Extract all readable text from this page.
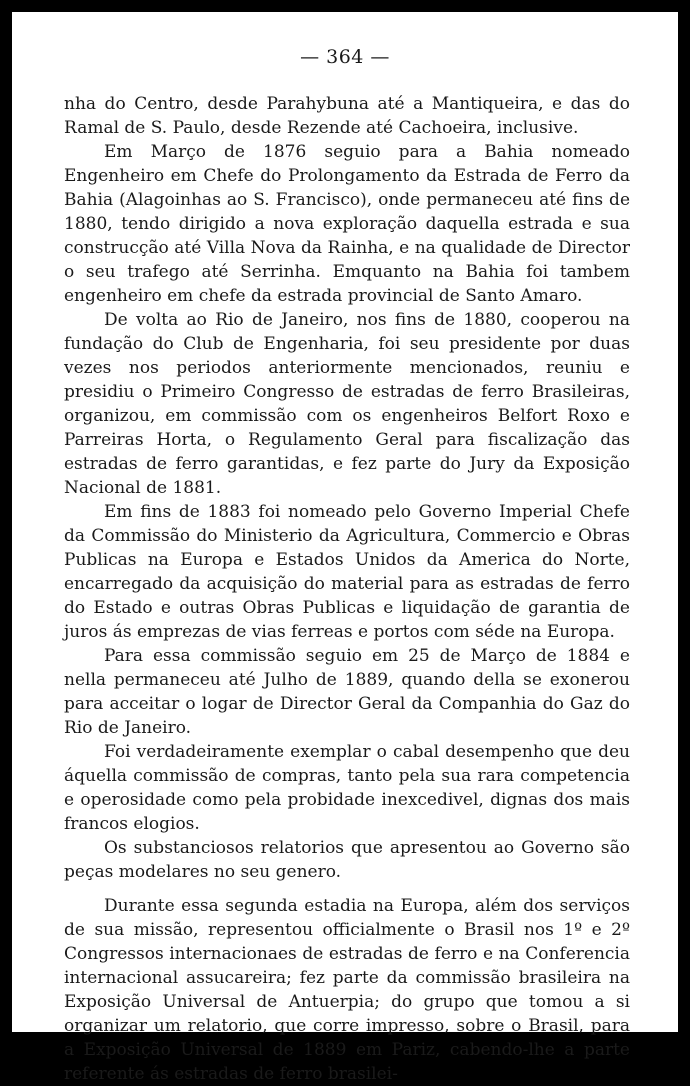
— 364 —

nha do Centro, desde Parahybuna até a Mantiqueira, e das do Ramal de S. Paulo, desde Rezende até Cachoeira, inclusive.

Em Março de 1876 seguio para a Bahia nomeado Engenheiro em Chefe do Prolongamento da Estrada de Ferro da Bahia (Alagoinhas ao S. Francisco), onde permaneceu até fins de 1880, tendo dirigido a nova exploração daquella estrada e sua construcção até Villa Nova da Rainha, e na qualidade de Director o seu trafego até Serrinha. Emquanto na Bahia foi tambem engenheiro em chefe da estrada provincial de Santo Amaro.

De volta ao Rio de Janeiro, nos fins de 1880, cooperou na fundação do Club de Engenharia, foi seu presidente por duas vezes nos periodos anteriormente mencionados, reuniu e presidiu o Primeiro Congresso de estradas de ferro Brasileiras, organizou, em commissão com os engenheiros Belfort Roxo e Parreiras Horta, o Regulamento Geral para fiscalização das estradas de ferro garantidas, e fez parte do Jury da Exposição Nacional de 1881.

Em fins de 1883 foi nomeado pelo Governo Imperial Chefe da Commissão do Ministerio da Agricultura, Commercio e Obras Publicas na Europa e Estados Unidos da America do Norte, encarregado da acquisição do material para as estradas de ferro do Estado e outras Obras Publicas e liquidação de garantia de juros ás emprezas de vias ferreas e portos com séde na Europa.

Para essa commissão seguio em 25 de Março de 1884 e nella permaneceu até Julho de 1889, quando della se exonerou para acceitar o logar de Director Geral da Companhia do Gaz do Rio de Janeiro.

Foi verdadeiramente exemplar o cabal desempenho que deu áquella commissão de compras, tanto pela sua rara competencia e operosidade como pela probidade inexcedivel, dignas dos mais francos elogios.

Os substanciosos relatorios que apresentou ao Governo são peças modelares no seu genero.

Durante essa segunda estadia na Europa, além dos serviços de sua missão, representou officialmente o Brasil nos 1º e 2º Congressos internacionaes de estradas de ferro e na Conferencia internacional assucareira; fez parte da commissão brasileira na Exposição Universal de Antuerpia; do grupo que tomou a si organizar um relatorio, que corre impresso, sobre o Brasil, para a Exposição Universal de 1889 em Pariz, cabendo-lhe a parte referente ás estradas de ferro brasilei-
